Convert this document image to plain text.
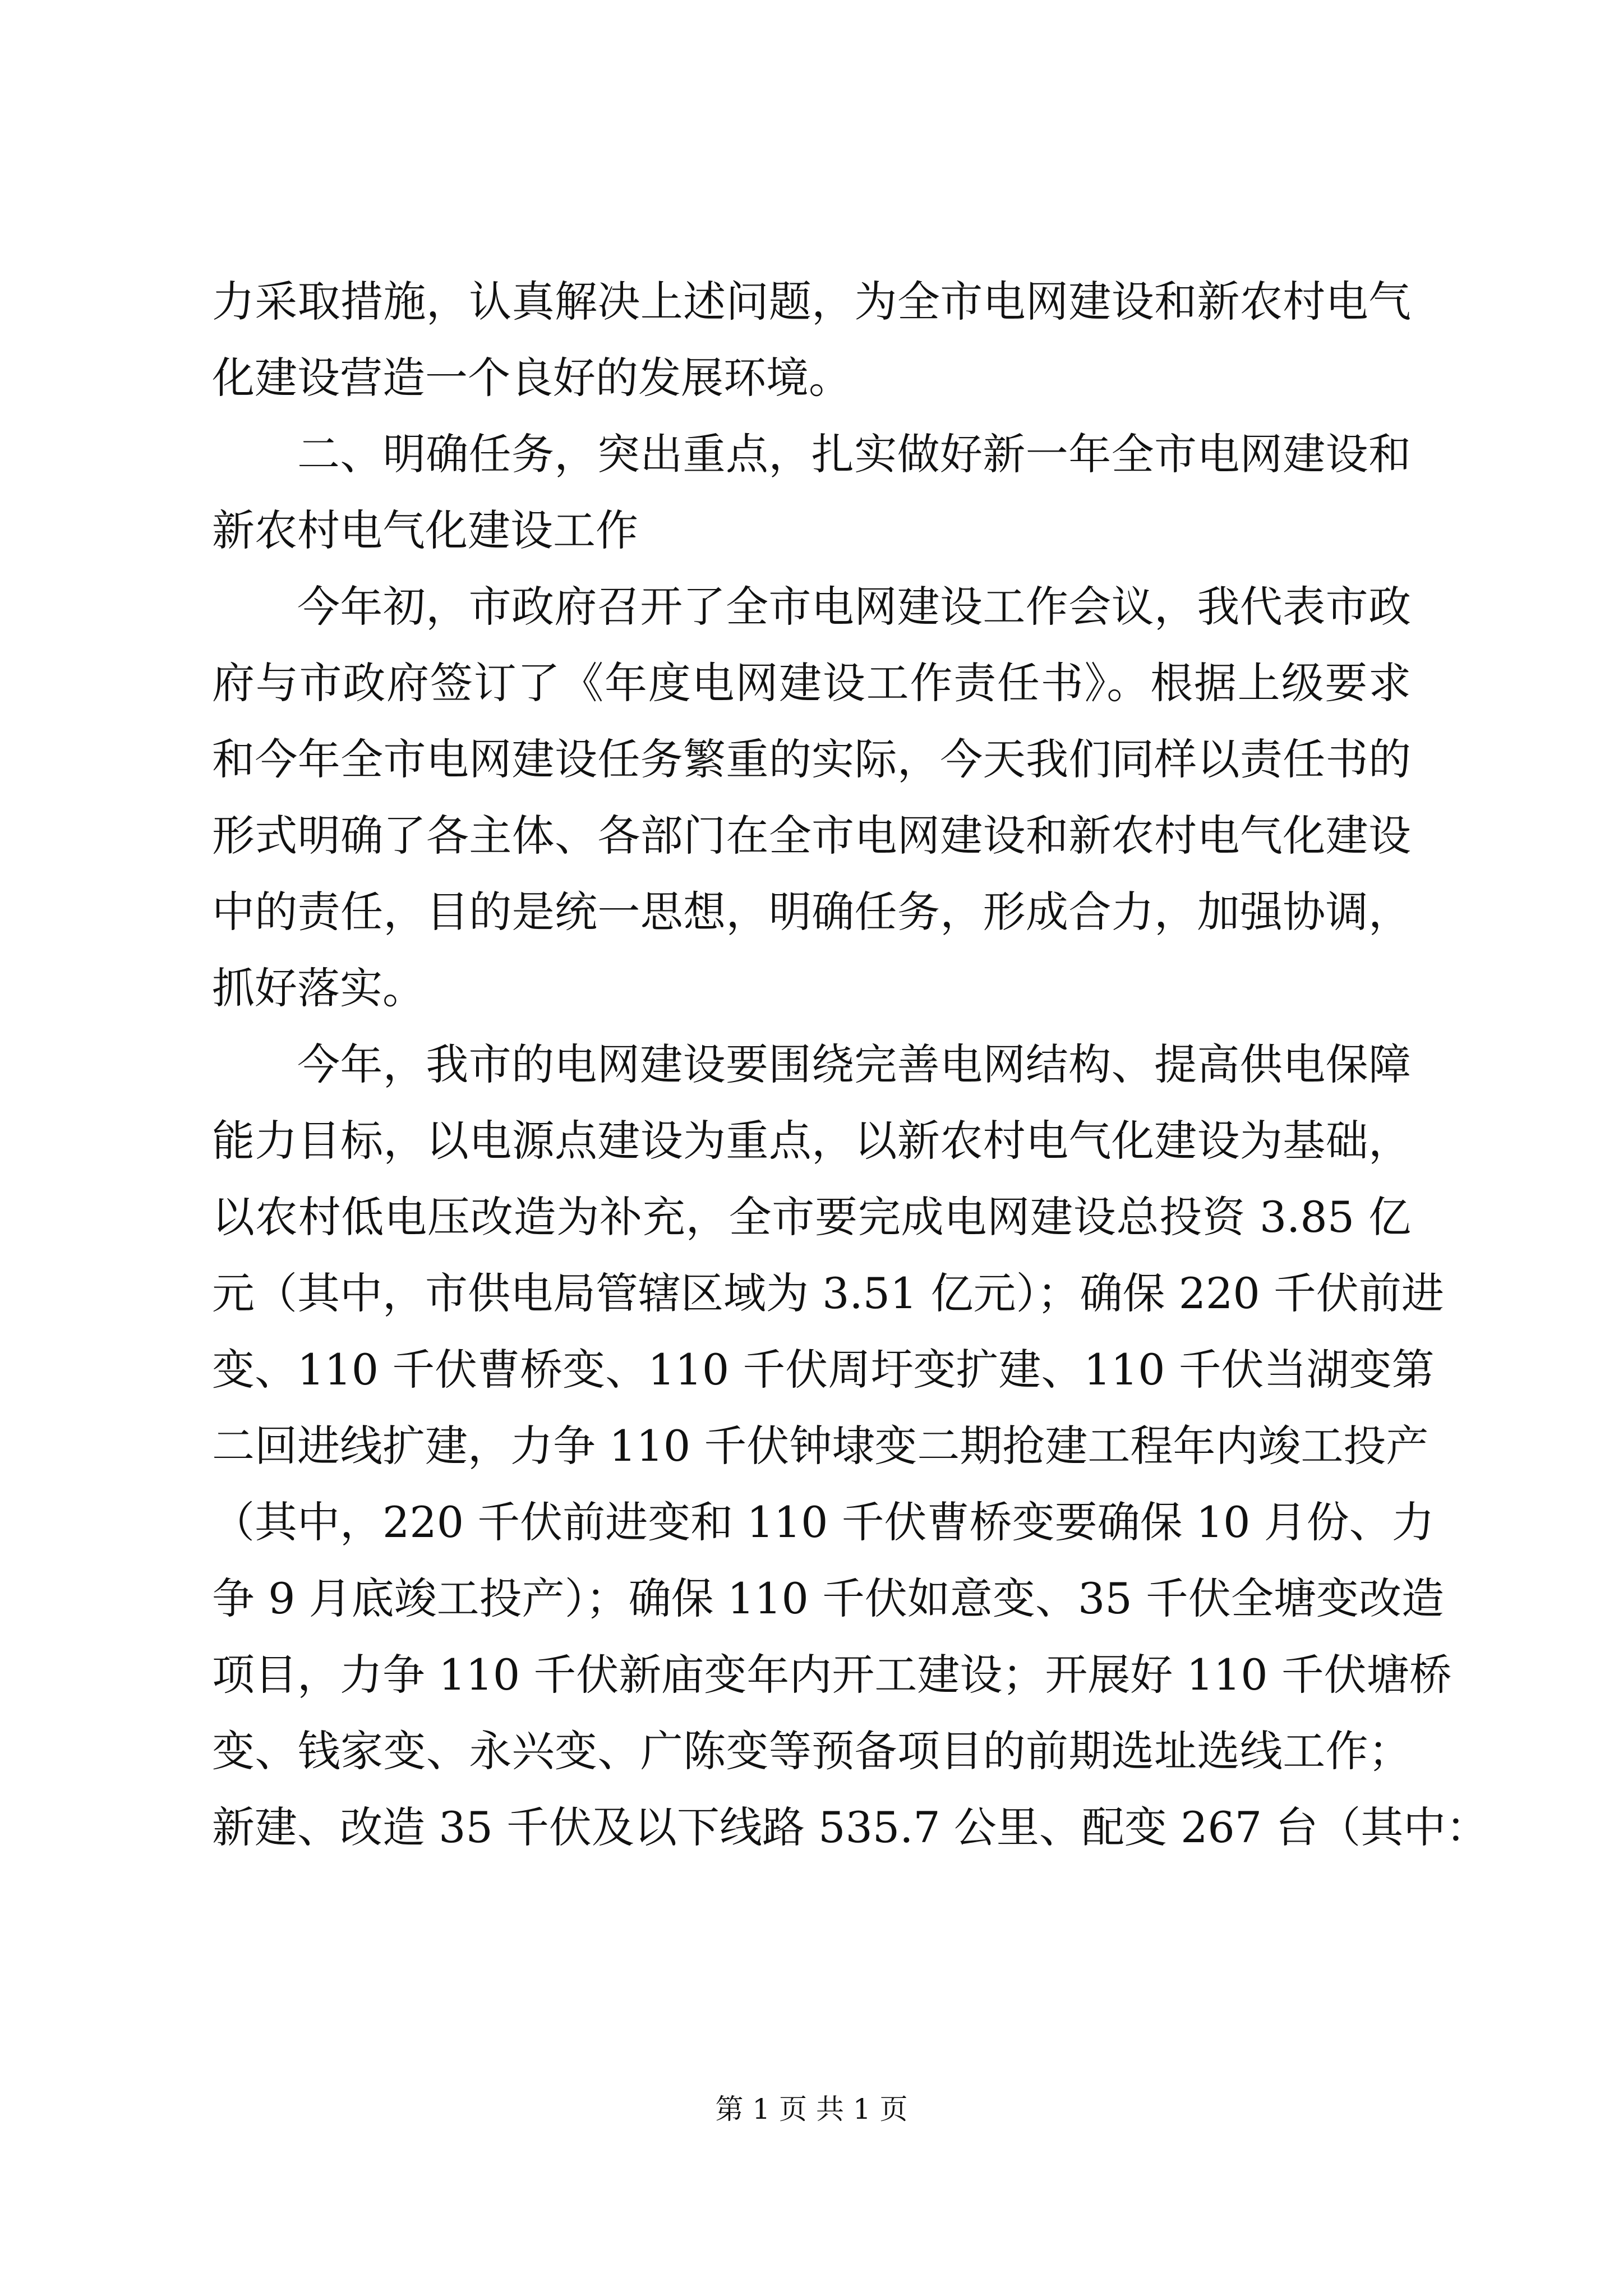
力采取措施，认真解决上述问题，为全市电网建设和新农村电气
化建设营造一个良好的发展环境。
二、明确任务，突出重点，扎实做好新一年全市电网建设和
新农村电气化建设工作
今年初，市政府召开了全市电网建设工作会议，我代表市政
府与市政府签订了《年度电网建设工作责任书》。根据上级要求
和今年全市电网建设任务繁重的实际，今天我们同样以责任书的
形式明确了各主体、各部门在全市电网建设和新农村电气化建设
中的责任，目的是统一思想，明确任务，形成合力，加强协调，
抓好落实。
今年，我市的电网建设要围绕完善电网结构、提高供电保障
能力目标，以电源点建设为重点，以新农村电气化建设为基础，
以农村低电压改造为补充，全市要完成电网建设总投资 3.85 亿
元（其中，市供电局管辖区域为 3.51 亿元）；确保 220 千伏前进
变、110 千伏曹桥变、110 千伏周圩变扩建、110 千伏当湖变第
二回进线扩建，力争 110 千伏钟埭变二期抢建工程年内竣工投产
（其中，220 千伏前进变和 110 千伏曹桥变要确保 10 月份、力
争 9 月底竣工投产）；确保 110 千伏如意变、35 千伏全塘变改造
项目，力争 110 千伏新庙变年内开工建设；开展好 110 千伏塘桥
变、钱家变、永兴变、广陈变等预备项目的前期选址选线工作；
新建、改造 35 千伏及以下线路 535.7 公里、配变 267 台（其中：
第 1 页 共 1 页
